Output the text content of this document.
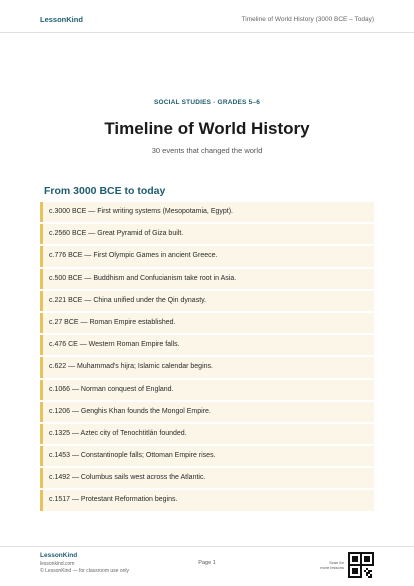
LessonKind	Timeline of World History (3000 BCE – Today)
SOCIAL STUDIES · GRADES 5–6
Timeline of World History
30 events that changed the world
From 3000 BCE to today
c.3000 BCE — First writing systems (Mesopotamia, Egypt).
c.2560 BCE — Great Pyramid of Giza built.
c.776 BCE — First Olympic Games in ancient Greece.
c.500 BCE — Buddhism and Confucianism take root in Asia.
c.221 BCE — China unified under the Qin dynasty.
c.27 BCE — Roman Empire established.
c.476 CE — Western Roman Empire falls.
c.622 — Muhammad's hijra; Islamic calendar begins.
c.1066 — Norman conquest of England.
c.1206 — Genghis Khan founds the Mongol Empire.
c.1325 — Aztec city of Tenochtitlán founded.
c.1453 — Constantinople falls; Ottoman Empire rises.
c.1492 — Columbus sails west across the Atlantic.
c.1517 — Protestant Reformation begins.
LessonKind
lessonkind.com
© LessonKind — for classroom use only
Page 1	Scan for
more lessons
